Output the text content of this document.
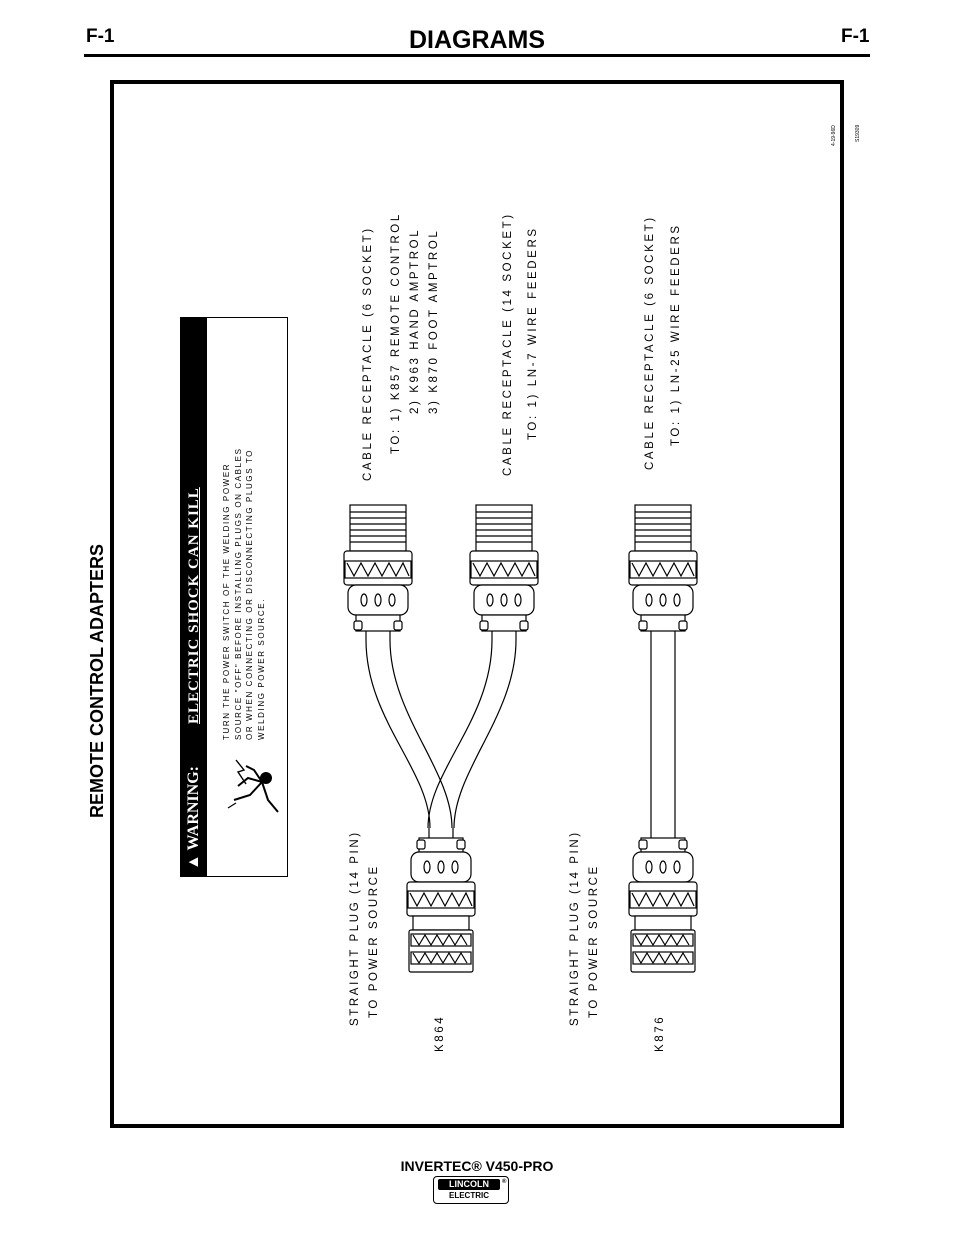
F-1	DIAGRAMS	F-1
REMOTE CONTROL ADAPTERS
4-19-96D	S19309
▲ WARNING:
ELECTRIC SHOCK CAN KILL	TURN THE POWER SWITCH OF THE WELDING POWER SOURCE "OFF" BEFORE INSTALLING PLUGS ON CABLES OR WHEN CONNECTING OR DISCONNECTING PLUGS TO WELDING POWER SOURCE.
STRAIGHT PLUG (14 PIN) TO POWER SOURCE
K864
CABLE RECEPTACLE (6 SOCKET) TO: 1) K857 REMOTE CONTROL 2) K963 HAND AMPTROL 3) K870 FOOT AMPTROL	CABLE RECEPTACLE (14 SOCKET) TO: 1) LN-7 WIRE FEEDERS
STRAIGHT PLUG (14 PIN) TO POWER SOURCE
K876
CABLE RECEPTACLE (6 SOCKET) TO: 1) LN-25 WIRE FEEDERS
INVERTEC® V450-PRO
LINCOLN
ELECTRIC
®
